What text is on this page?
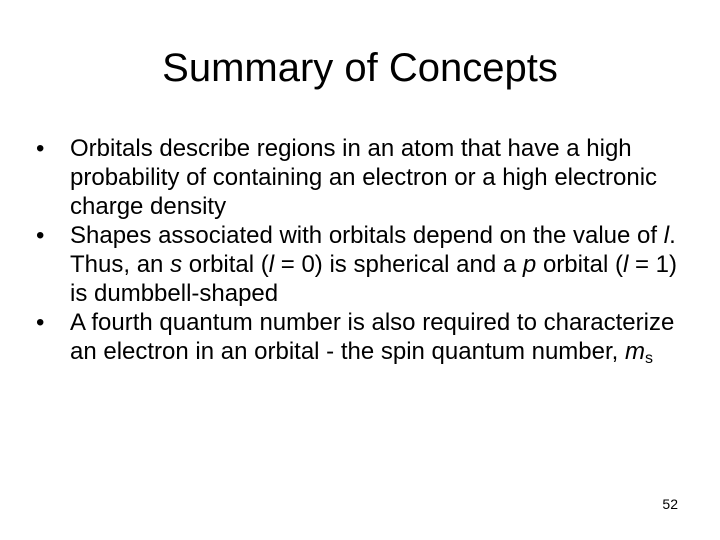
Summary of Concepts
•	Orbitals describe regions in an atom that have a high probability of containing an electron or a high electronic charge density
•	Shapes associated with orbitals depend on the value of l. Thus, an s orbital (l = 0) is spherical and a p orbital (l = 1) is dumbbell-shaped
•	A fourth quantum number is also required to characterize an electron in an orbital - the spin quantum number, $m_s$
52
